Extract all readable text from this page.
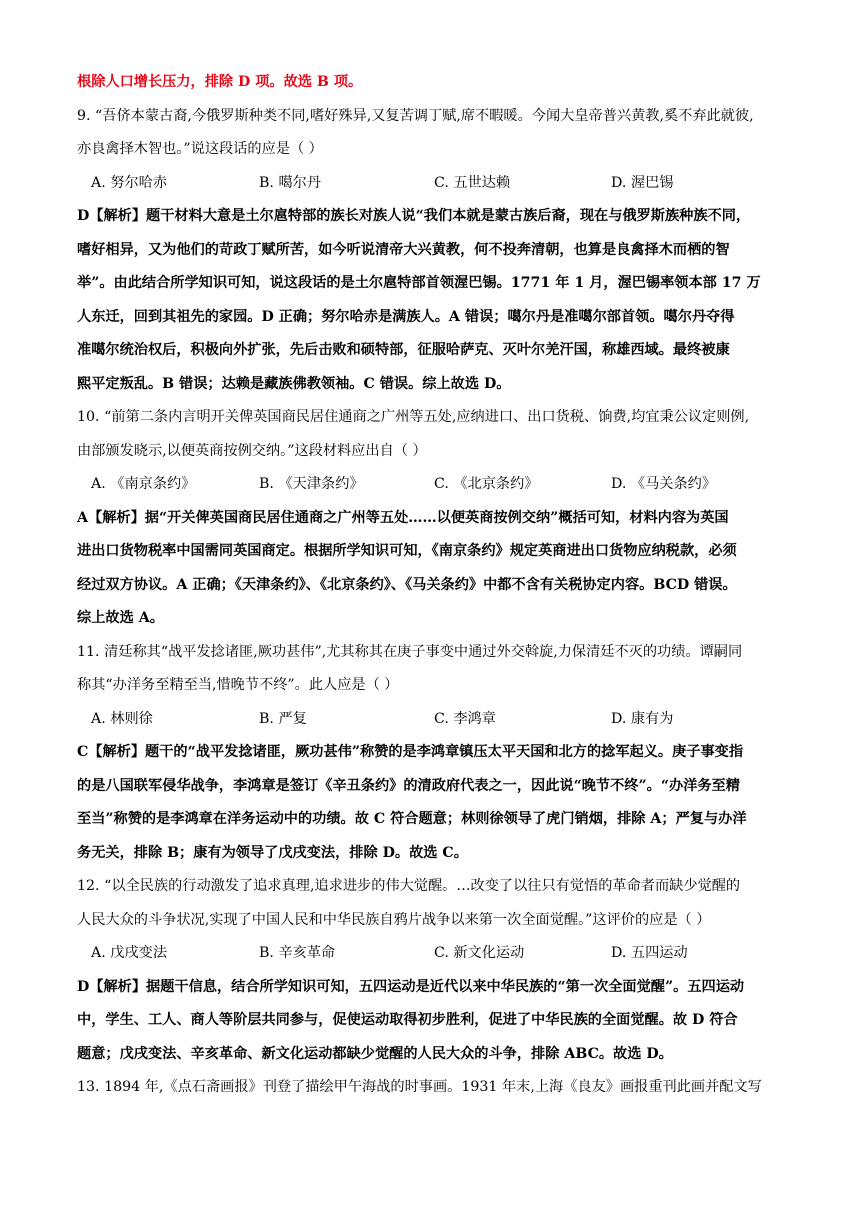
根除人口增长压力，排除 D 项。故选 B 项。
9. “吾侪本蒙古裔,今俄罗斯种类不同,嗜好殊异,又复苦调丁赋,席不暇暖。今闻大皇帝普兴黄教,奚不弃此就彼,
亦良禽择木智也。”说这段话的应是（ ）
A. 努尔哈赤	B. 噶尔丹	C. 五世达赖	D. 渥巴锡
D【解析】题干材料大意是土尔扈特部的族长对族人说“我们本就是蒙古族后裔，现在与俄罗斯族种族不同，
嗜好相异，又为他们的苛政丁赋所苦，如今听说清帝大兴黄教，何不投奔清朝，也算是良禽择木而栖的智
举”。由此结合所学知识可知，说这段话的是土尔扈特部首领渥巴锡。1771 年 1 月，渥巴锡率领本部 17 万
人东迁，回到其祖先的家园。D 正确；努尔哈赤是满族人。A 错误；噶尔丹是准噶尔部首领。噶尔丹夺得
准噶尔统治权后，积极向外扩张，先后击败和硕特部，征服哈萨克、灭叶尔羌汗国，称雄西域。最终被康
熙平定叛乱。B 错误；达赖是藏族佛教领袖。C 错误。综上故选 D。
10. “前第二条内言明开关俾英国商民居住通商之广州等五处,应纳进口、出口货税、饷费,均宜秉公议定则例,
由部颁发晓示,以便英商按例交纳。”这段材料应出自（ ）
A. 《南京条约》	B. 《天津条约》	C. 《北京条约》	D. 《马关条约》
A【解析】据“开关俾英国商民居住通商之广州等五处……以便英商按例交纳”概括可知，材料内容为英国
进出口货物税率中国需同英国商定。根据所学知识可知，《南京条约》规定英商进出口货物应纳税款，必须
经过双方协议。A 正确；《天津条约》、《北京条约》、《马关条约》中都不含有关税协定内容。BCD 错误。
综上故选 A。
11. 清廷称其“战平发捻诸匪,厥功甚伟”,尤其称其在庚子事变中通过外交斡旋,力保清廷不灭的功绩。谭嗣同
称其“办洋务至精至当,惜晚节不终”。此人应是（ ）
A. 林则徐	B. 严复	C. 李鸿章	D. 康有为
C【解析】题干的“战平发捻诸匪，厥功甚伟”称赞的是李鸿章镇压太平天国和北方的捻军起义。庚子事变指
的是八国联军侵华战争，李鸿章是签订《辛丑条约》的清政府代表之一，因此说“晚节不终”。“办洋务至精
至当”称赞的是李鸿章在洋务运动中的功绩。故 C 符合题意；林则徐领导了虎门销烟，排除 A；严复与办洋
务无关，排除 B；康有为领导了戊戌变法，排除 D。故选 C。
12. “以全民族的行动激发了追求真理,追求进步的伟大觉醒。…改变了以往只有觉悟的革命者而缺少觉醒的
人民大众的斗争状况,实现了中国人民和中华民族自鸦片战争以来第一次全面觉醒。”这评价的应是（ ）
A. 戊戌变法	B. 辛亥革命	C. 新文化运动	D. 五四运动
D【解析】据题干信息，结合所学知识可知，五四运动是近代以来中华民族的“第一次全面觉醒”。五四运动
中，学生、工人、商人等阶层共同参与，促使运动取得初步胜利，促进了中华民族的全面觉醒。故 D 符合
题意；戊戌变法、辛亥革命、新文化运动都缺少觉醒的人民大众的斗争，排除 ABC。故选 D。
13. 1894 年,《点石斋画报》刊登了描绘甲午海战的时事画。1931 年末,上海《良友》画报重刊此画并配文写
